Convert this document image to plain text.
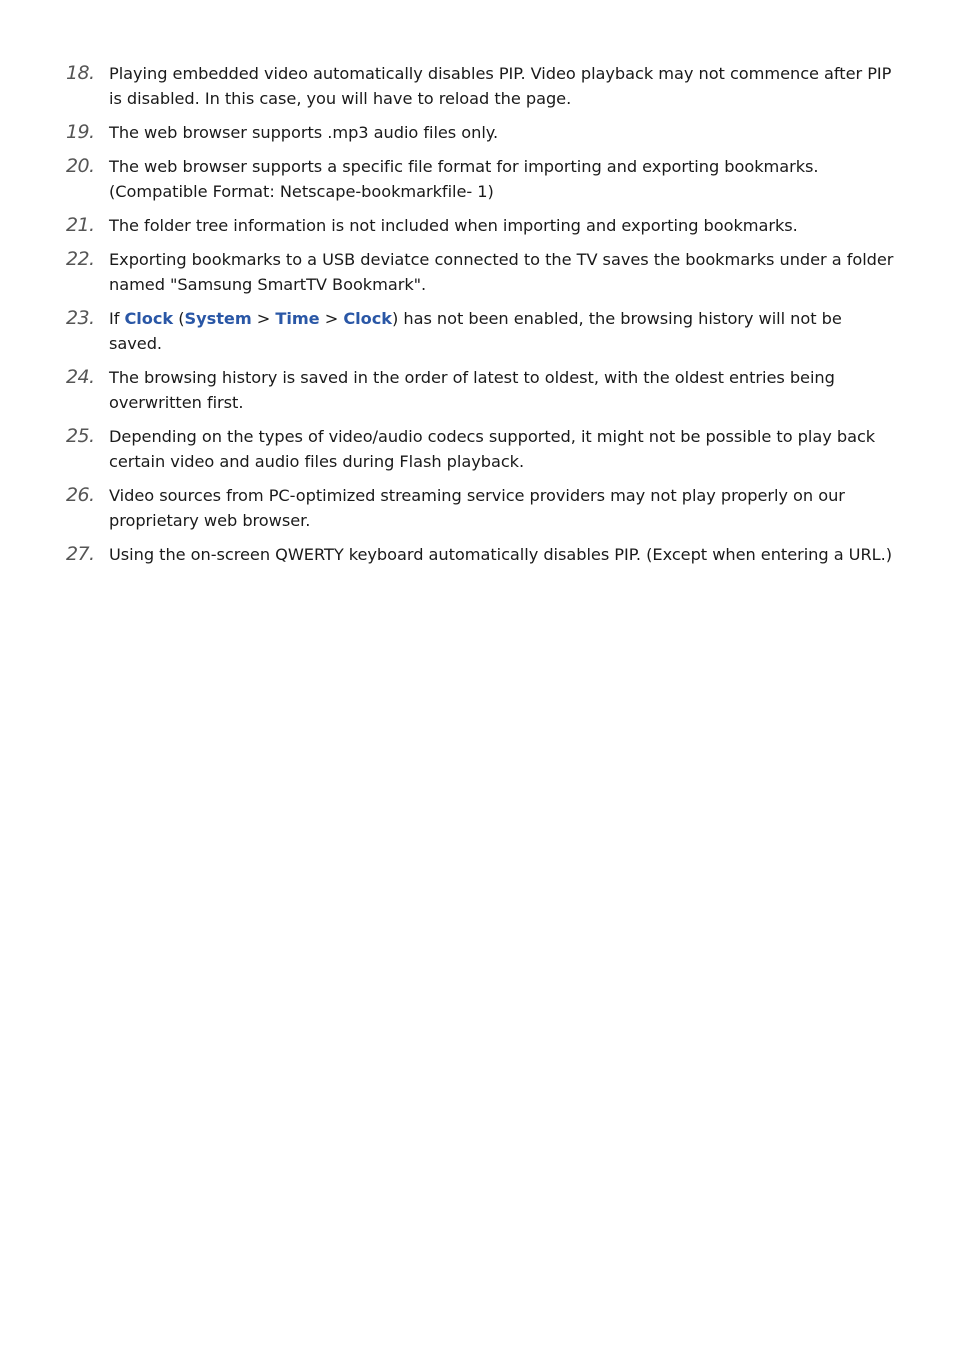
18. Playing embedded video automatically disables PIP. Video playback may not commence after PIP is disabled. In this case, you will have to reload the page.
19. The web browser supports .mp3 audio files only.
20. The web browser supports a specific file format for importing and exporting bookmarks. (Compatible Format: Netscape-bookmarkfile- 1)
21. The folder tree information is not included when importing and exporting bookmarks.
22. Exporting bookmarks to a USB deviatce connected to the TV saves the bookmarks under a folder named "Samsung SmartTV Bookmark".
23. If Clock (System > Time > Clock) has not been enabled, the browsing history will not be saved.
24. The browsing history is saved in the order of latest to oldest, with the oldest entries being overwritten first.
25. Depending on the types of video/audio codecs supported, it might not be possible to play back certain video and audio files during Flash playback.
26. Video sources from PC-optimized streaming service providers may not play properly on our proprietary web browser.
27. Using the on-screen QWERTY keyboard automatically disables PIP. (Except when entering a URL.)
